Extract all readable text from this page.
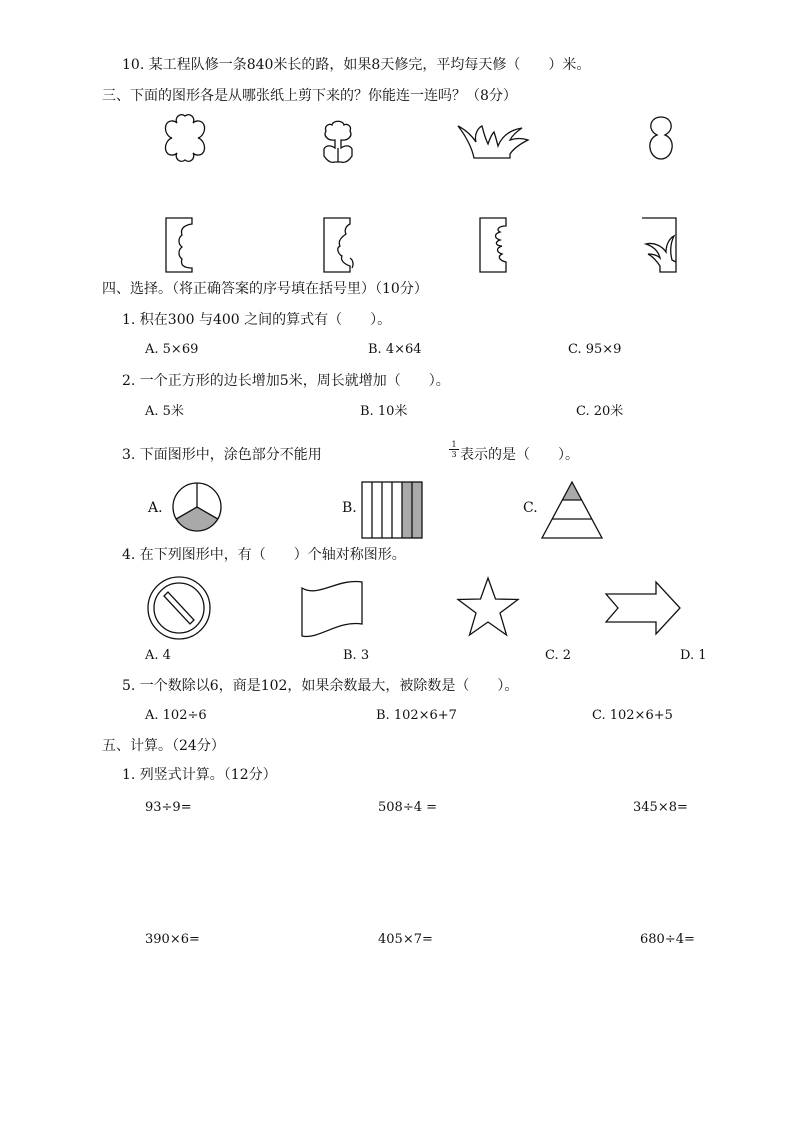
10. 某工程队修一条840米长的路，如果8天修完，平均每天修（　　）米。
三、下面的图形各是从哪张纸上剪下来的？你能连一连吗？（8分）
四、选择。（将正确答案的序号填在括号里）（10分）
1. 积在300 与400 之间的算式有（　　）。
A. 5×69	B. 4×64	C. 95×9
2. 一个正方形的边长增加5米，周长就增加（　　）。
A. 5米	B. 10米	C. 20米
3. 下面图形中，涂色部分不能用	$\frac{1}{3}$ 表示的是（　　）。
A.	B.	C.
4. 在下列图形中，有（　　）个轴对称图形。
A. 4	B. 3	C. 2	D. 1
5. 一个数除以6，商是102，如果余数最大，被除数是（　　）。
A. 102÷6	B. 102×6+7	C. 102×6+5
五、计算。（24分）
1. 列竖式计算。（12分）
93÷9=	508÷4 =	345×8=
390×6=	405×7=	680÷4=
